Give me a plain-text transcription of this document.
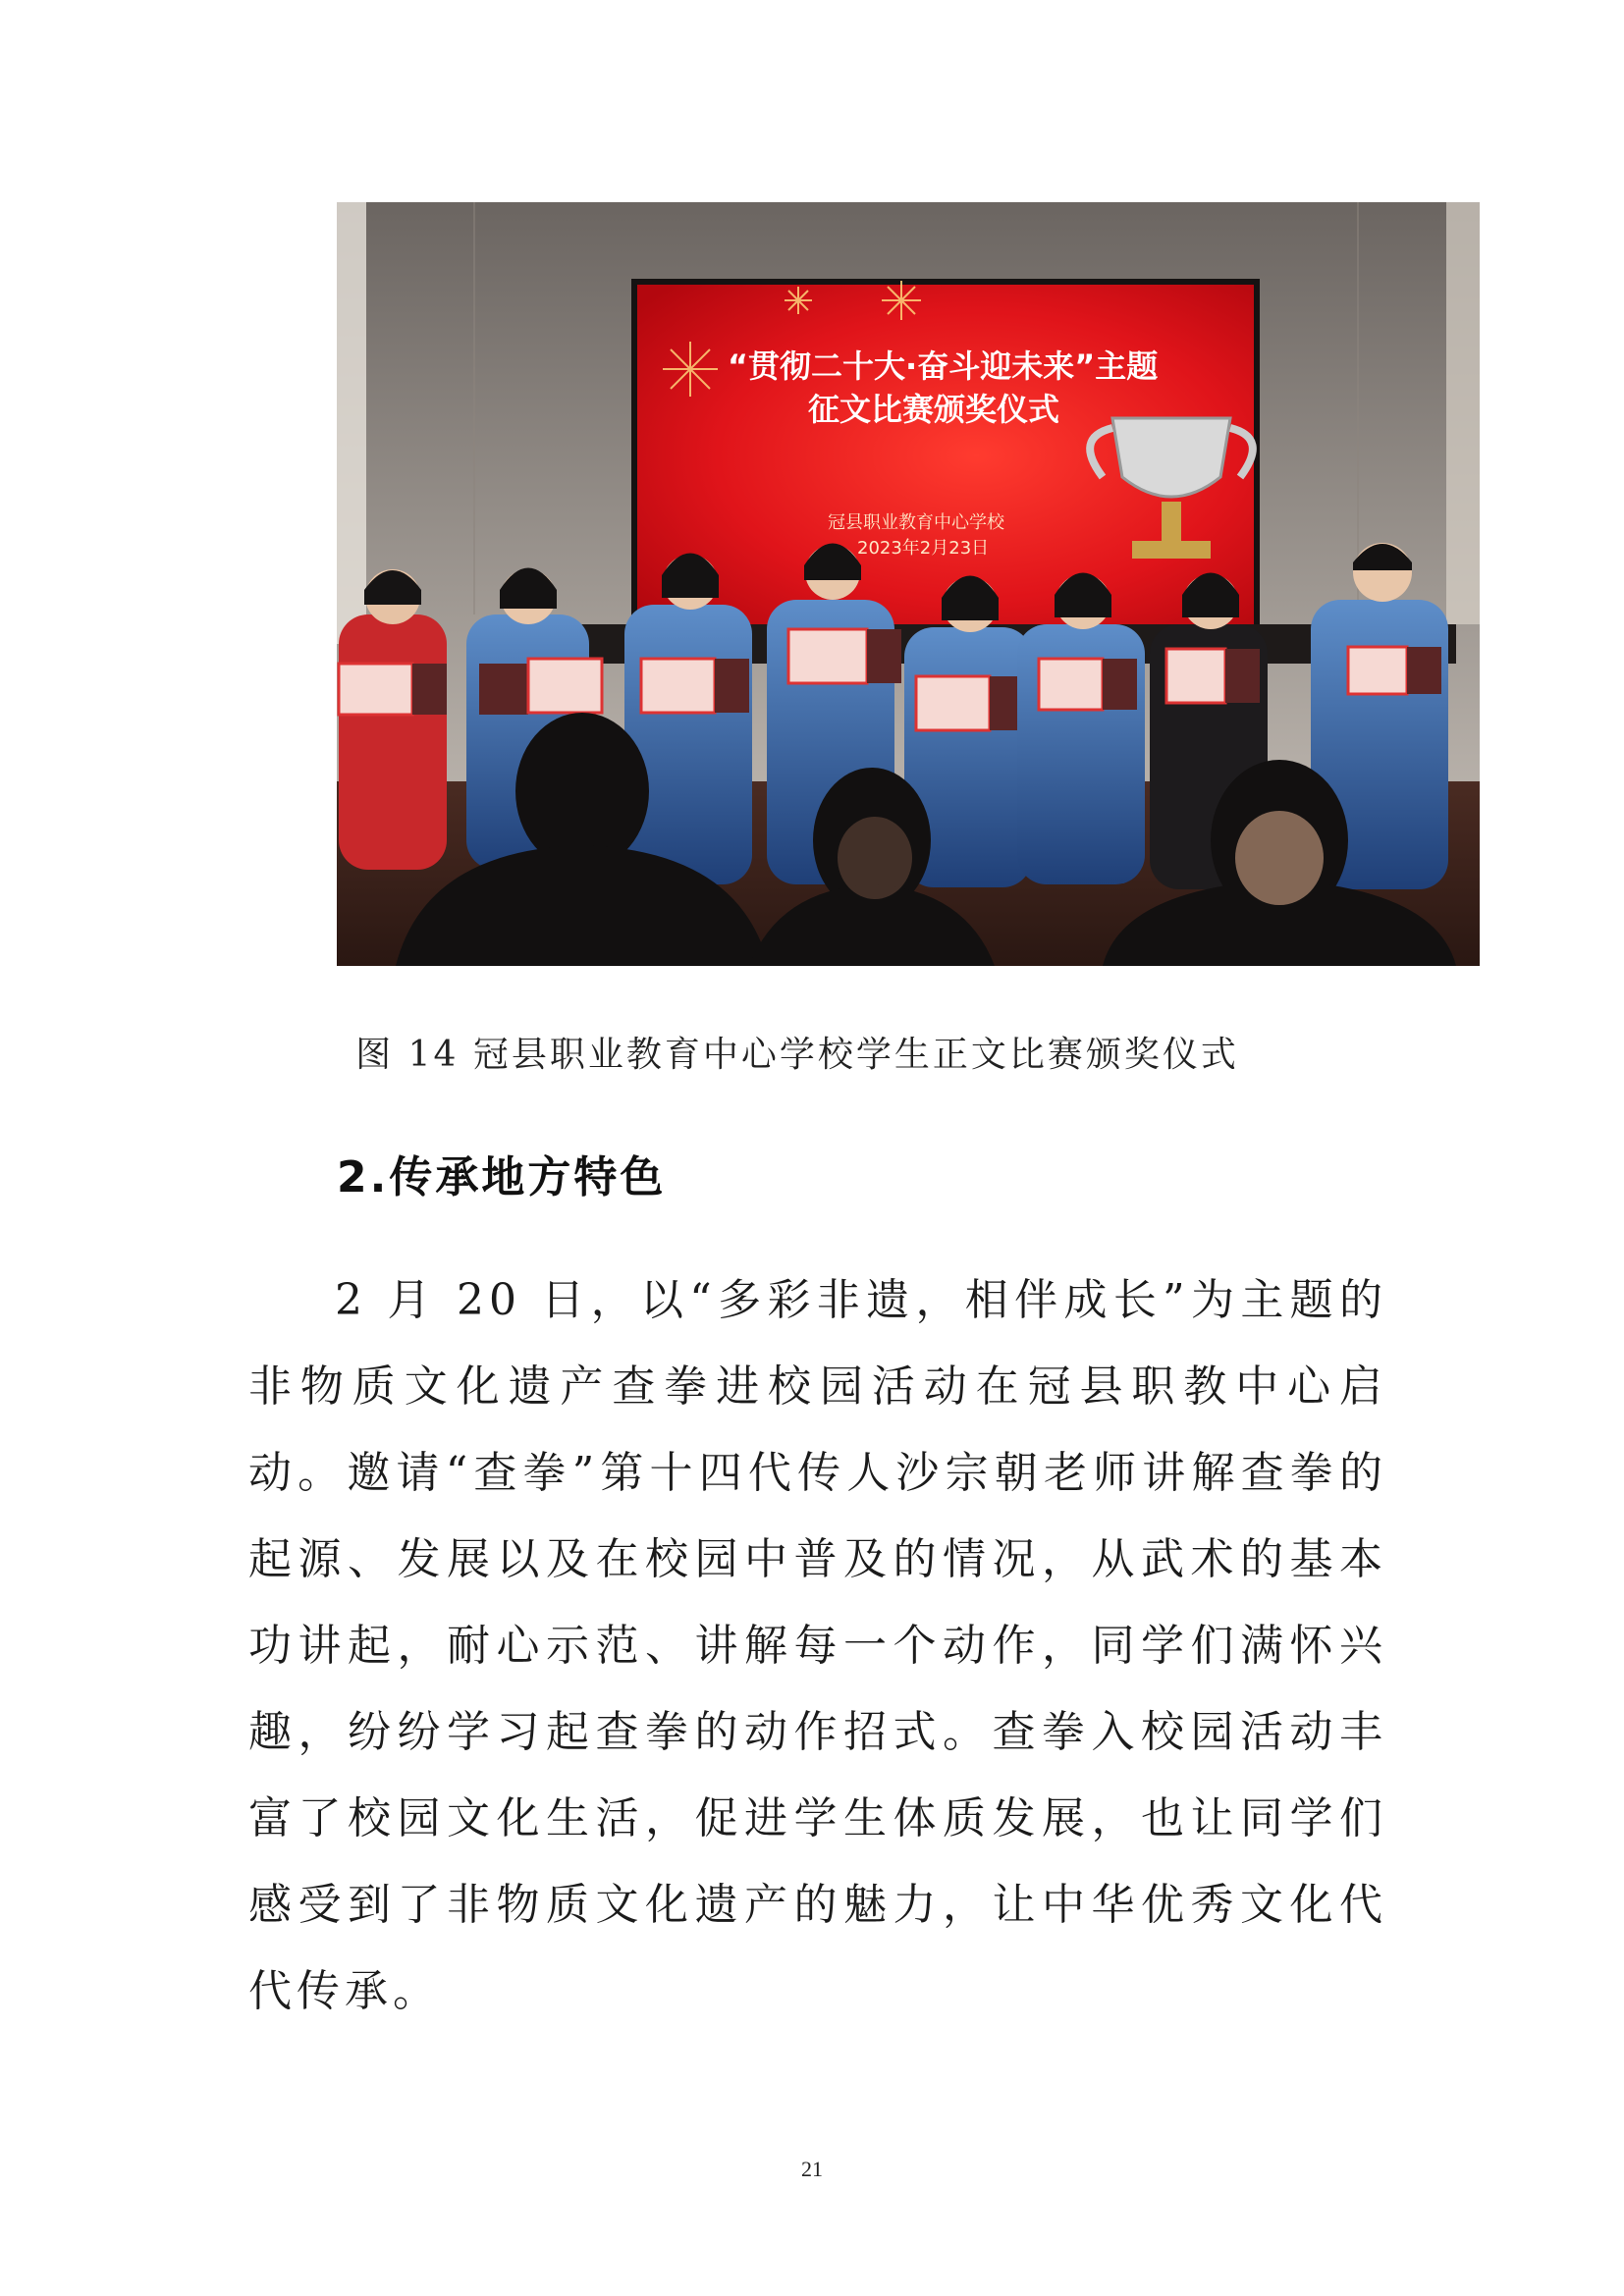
“贯彻二十大·奋斗迎未来”主题
征文比赛颁奖仪式
冠县职业教育中心学校
2023年2月23日
图 14 冠县职业教育中心学校学生正文比赛颁奖仪式
2.传承地方特色
2 月 20 日，以“多彩非遗，相伴成长”为主题的非物质文化遗产查拳进校园活动在冠县职教中心启动。邀请“查拳”第十四代传人沙宗朝老师讲解查拳的起源、发展以及在校园中普及的情况，从武术的基本功讲起，耐心示范、讲解每一个动作，同学们满怀兴趣，纷纷学习起查拳的动作招式。查拳入校园活动丰富了校园文化生活，促进学生体质发展，也让同学们感受到了非物质文化遗产的魅力，让中华优秀文化代代传承。
21
